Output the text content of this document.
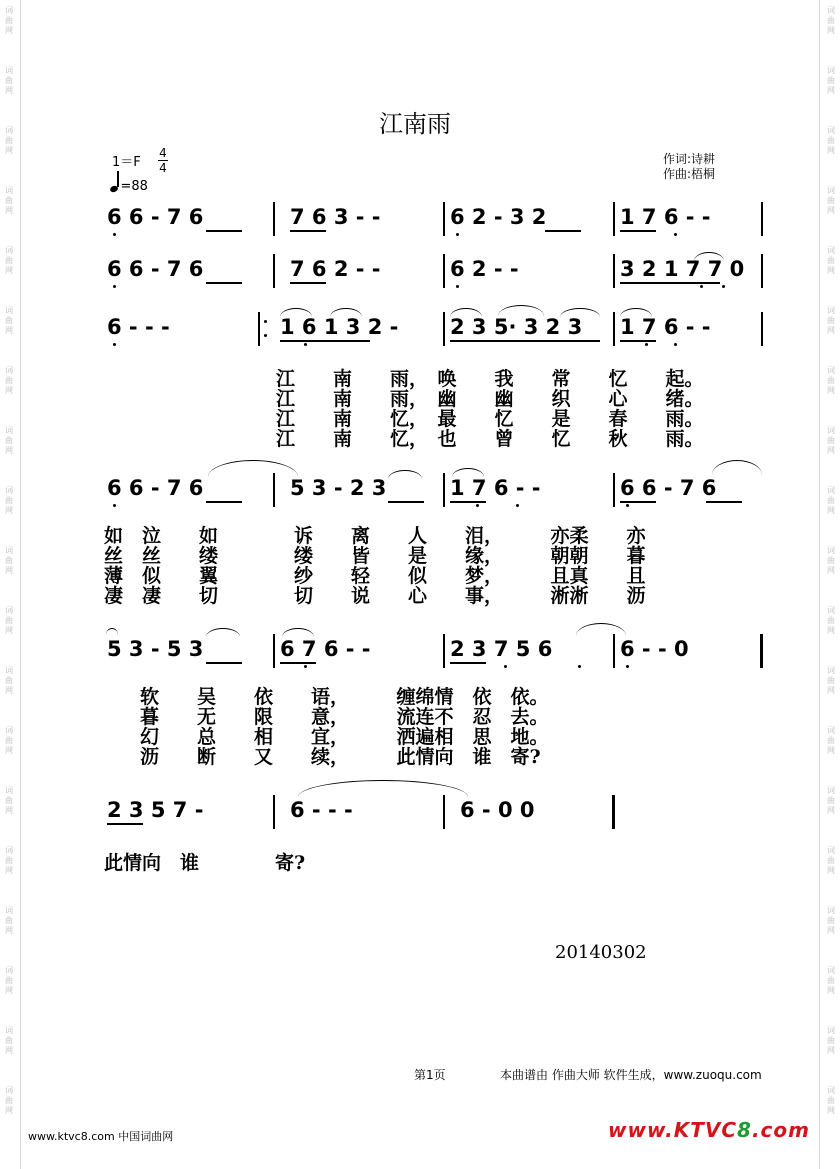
词曲网
词曲网
词曲网
词曲网
词曲网
词曲网
词曲网
词曲网
词曲网
词曲网
词曲网
词曲网
词曲网
词曲网
词曲网
词曲网
词曲网
词曲网
词曲网
词曲网
词曲网
词曲网
词曲网
词曲网
词曲网
词曲网
词曲网
词曲网
词曲网
词曲网
词曲网
词曲网
词曲网
词曲网
词曲网
词曲网
词曲网
词曲网
江南雨
1＝F
4
4
=88
作词:诗耕
作曲:梧桐
6 6 - 7 6	7 6 3 - -	6 2 - 3 2	1 7 6 - -
6 6 - 7 6	7 6 2 - -	6 2 - -	3 2 1 7 7 0
6 - - -	1 6 1 3 2 - 2 3 5· 3 2 3 1 7 6 - -
江　　南　　雨，　唤　　我　　常　　忆　　起。
江　　南　　雨，　幽　　幽　　织　　心　　绪。
江　　南　　忆，　最　　忆　　是　　春　　雨。
江　　南　　忆，　也　　曾　　忆　　秋　　雨。
6 6 - 7 6	5 3 - 2 3	1 7 6 - -	6 6 - 7 6
如　泣　　如　　　　诉　　离　　人　　泪，　　　亦柔　　亦
丝　丝　　缕　　　　缕　　皆　　是　　缘，　　　朝朝　　暮
薄　似　　翼　　　　纱　　轻　　似　　梦，　　　且真　　且
凄　凄　　切　　　　切　　说　　心　　事，　　　淅淅　　沥
5 3 - 5 3	6 7 6 - -	2 3 7 5 6	6 - - 0
软　　吴　　依　　语，　　　缠绵情　依　依。
暮　　无　　限　　意，　　　流连不　忍　去。
幻　　总　　相　　宜，　　　洒遍相　思　地。
沥　　断　　又　　续，　　　此情向　谁　寄?
2 3 5 7 -	6 - - -	6 - 0 0
此情向　谁　　　　寄?
20140302
第1页	本曲谱由 作曲大师 软件生成，www.zuoqu.com
www.ktvc8.com 中国词曲网	www.KTVC8.com
